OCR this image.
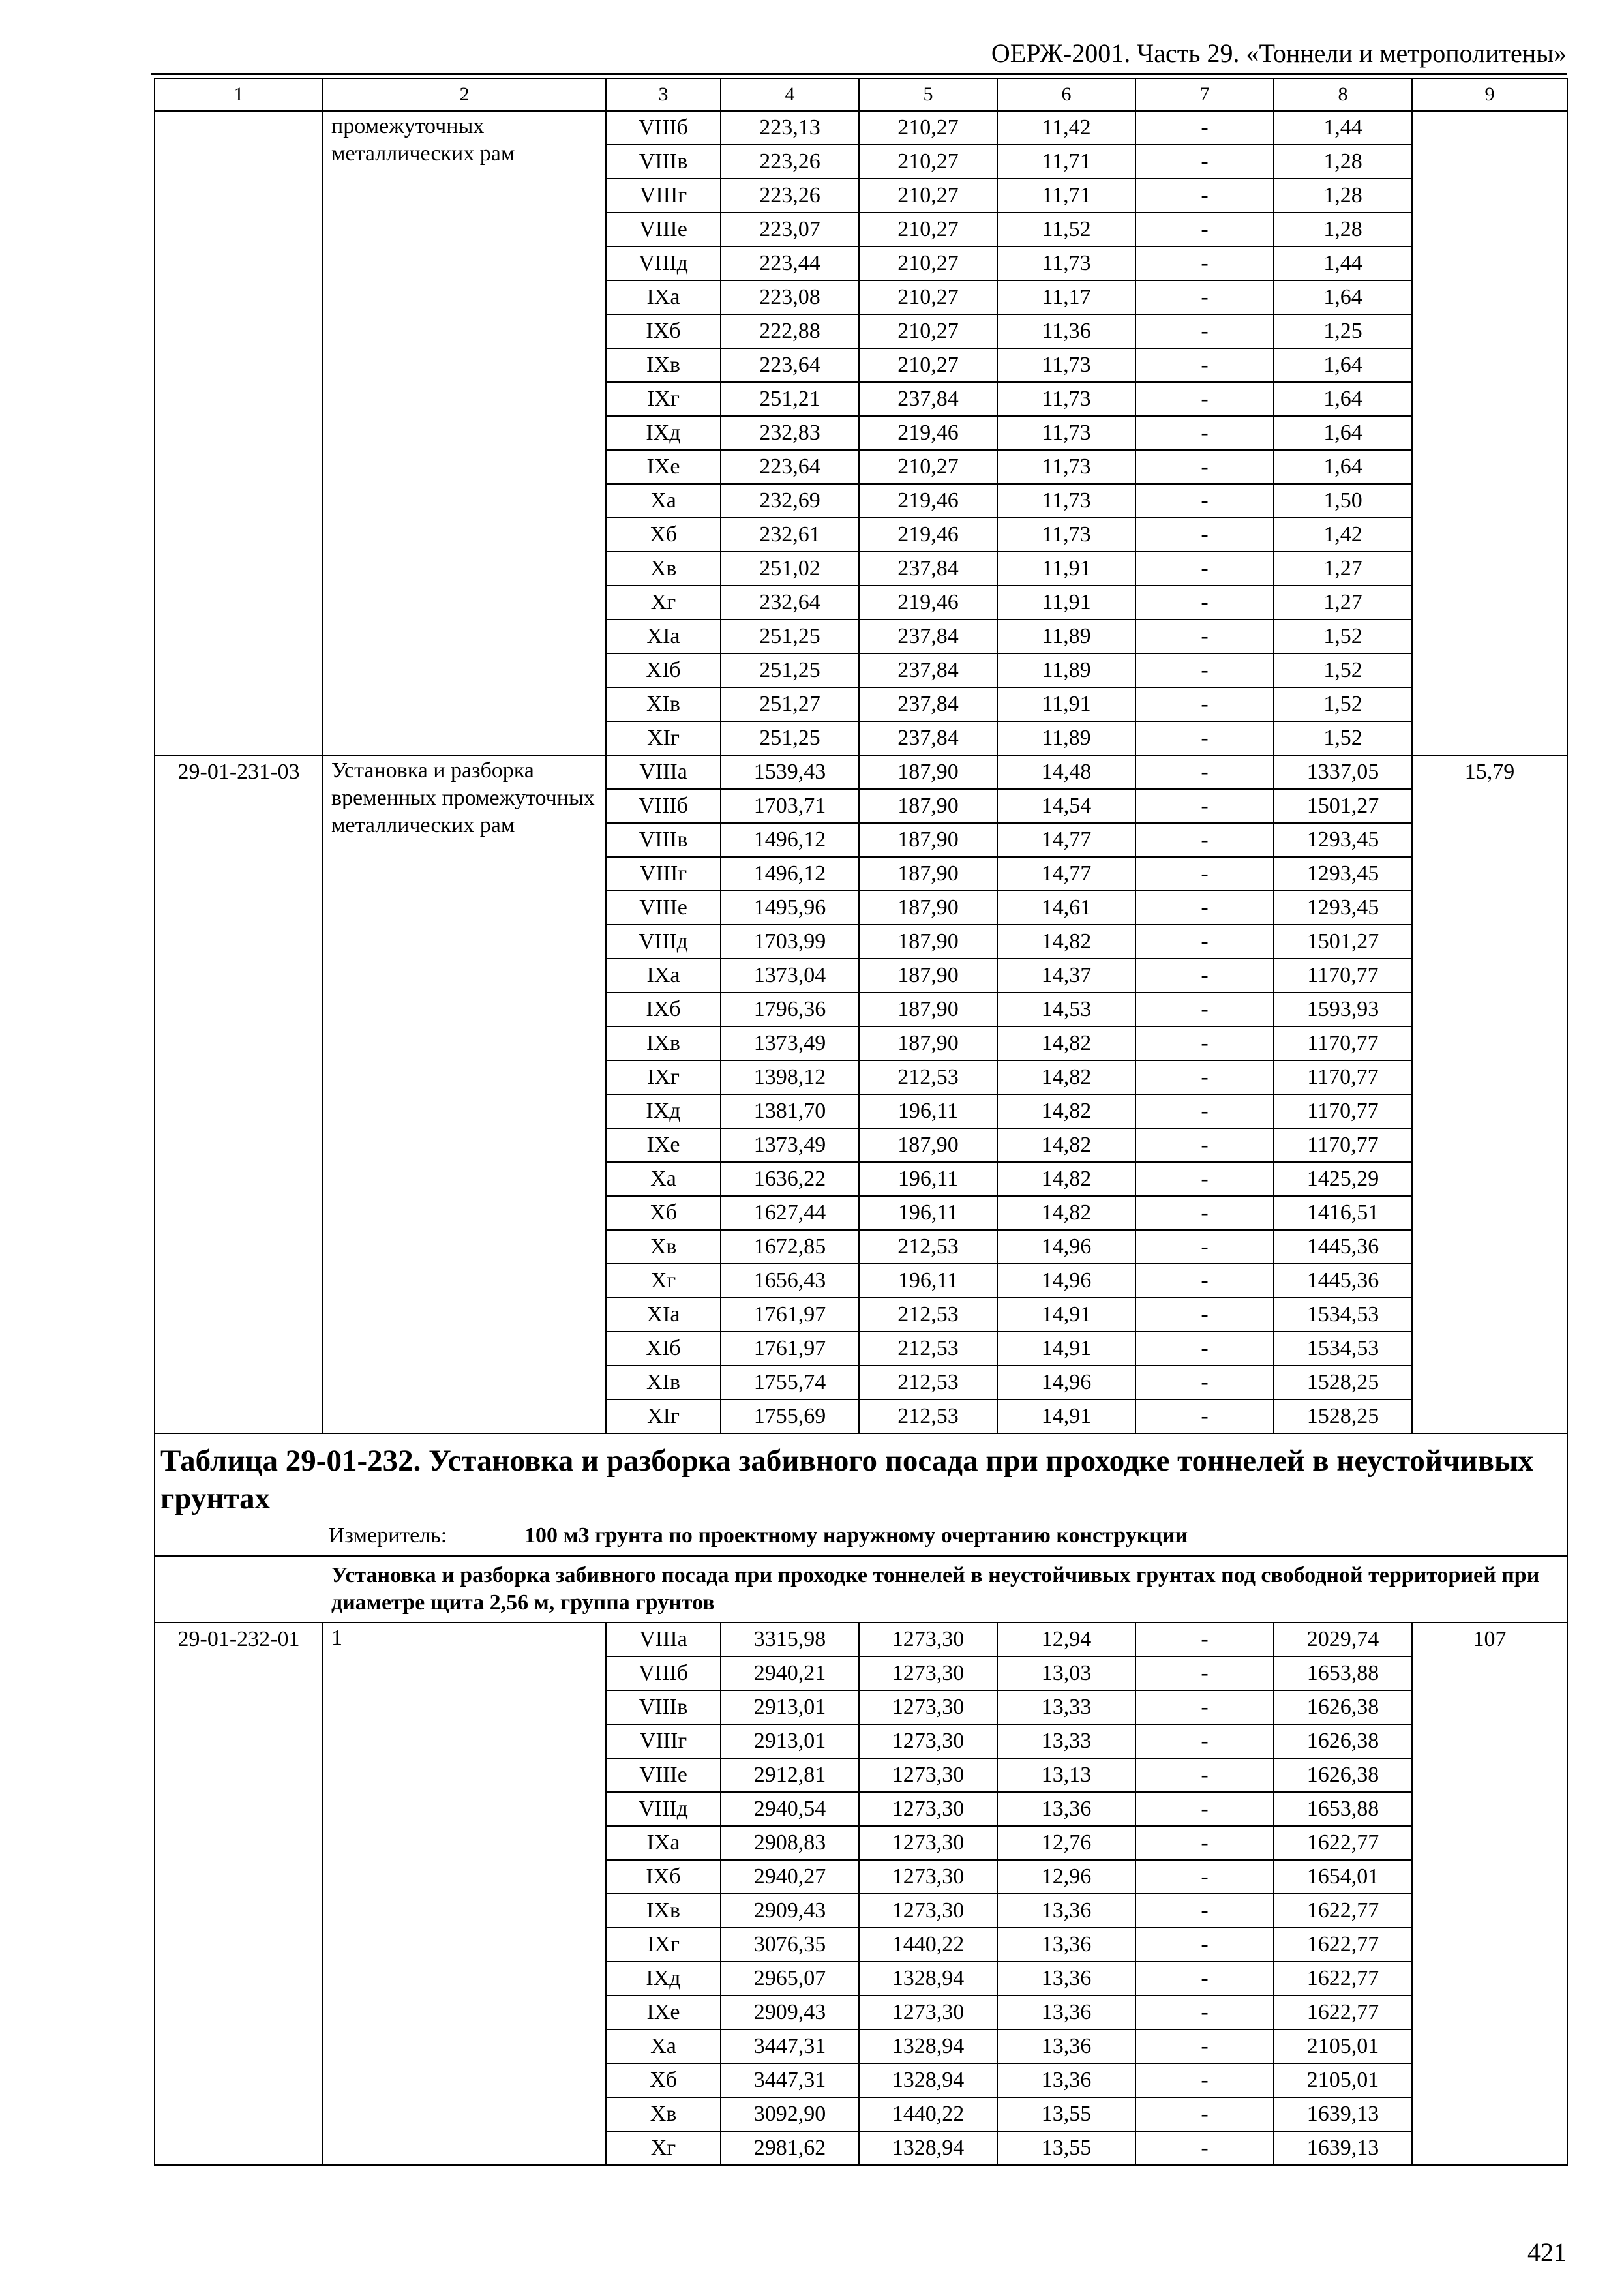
ОЕРЖ-2001. Часть 29. «Тоннели и метрополитены»
1	2	3	4	5	6	7	8	9
	промежуточных металлических рам	VIIIб	223,13	210,27	11,42	-	1,44	
		VIIIв	223,26	210,27	11,71	-	1,28	
		VIIIг	223,26	210,27	11,71	-	1,28	
		VIIIе	223,07	210,27	11,52	-	1,28	
		VIIIд	223,44	210,27	11,73	-	1,44	
		IXа	223,08	210,27	11,17	-	1,64	
		IXб	222,88	210,27	11,36	-	1,25	
		IXв	223,64	210,27	11,73	-	1,64	
		IXг	251,21	237,84	11,73	-	1,64	
		IXд	232,83	219,46	11,73	-	1,64	
		IXе	223,64	210,27	11,73	-	1,64	
		Xа	232,69	219,46	11,73	-	1,50	
		Xб	232,61	219,46	11,73	-	1,42	
		Xв	251,02	237,84	11,91	-	1,27	
		Xг	232,64	219,46	11,91	-	1,27	
		XIа	251,25	237,84	11,89	-	1,52	
		XIб	251,25	237,84	11,89	-	1,52	
		XIв	251,27	237,84	11,91	-	1,52	
		XIг	251,25	237,84	11,89	-	1,52	
29-01-231-03	Установка и разборка временных промежуточных металлических рам	VIIIа	1539,43	187,90	14,48	-	1337,05	15,79
		VIIIб	1703,71	187,90	14,54	-	1501,27	
		VIIIв	1496,12	187,90	14,77	-	1293,45	
		VIIIг	1496,12	187,90	14,77	-	1293,45	
		VIIIе	1495,96	187,90	14,61	-	1293,45	
		VIIIд	1703,99	187,90	14,82	-	1501,27	
		IXа	1373,04	187,90	14,37	-	1170,77	
		IXб	1796,36	187,90	14,53	-	1593,93	
		IXв	1373,49	187,90	14,82	-	1170,77	
		IXг	1398,12	212,53	14,82	-	1170,77	
		IXд	1381,70	196,11	14,82	-	1170,77	
		IXе	1373,49	187,90	14,82	-	1170,77	
		Xа	1636,22	196,11	14,82	-	1425,29	
		Xб	1627,44	196,11	14,82	-	1416,51	
		Xв	1672,85	212,53	14,96	-	1445,36	
		Xг	1656,43	196,11	14,96	-	1445,36	
		XIа	1761,97	212,53	14,91	-	1534,53	
		XIб	1761,97	212,53	14,91	-	1534,53	
		XIв	1755,74	212,53	14,96	-	1528,25	
		XIг	1755,69	212,53	14,91	-	1528,25	

Таблица 29-01-232. Установка и разборка забивного посада при проходке тоннелей в неустойчивых грунтах
Измеритель: 100 м3 грунта по проектному наружному очертанию конструкции								

Установка и разборка забивного посада при проходке тоннелей в неустойчивых грунтах под свободной территорией при диаметре щита 2,56 м, группа грунтов								
29-01-232-01	1	VIIIа	3315,98	1273,30	12,94	-	2029,74	107
		VIIIб	2940,21	1273,30	13,03	-	1653,88	
		VIIIв	2913,01	1273,30	13,33	-	1626,38	
		VIIIг	2913,01	1273,30	13,33	-	1626,38	
		VIIIе	2912,81	1273,30	13,13	-	1626,38	
		VIIIд	2940,54	1273,30	13,36	-	1653,88	
		IXа	2908,83	1273,30	12,76	-	1622,77	
		IXб	2940,27	1273,30	12,96	-	1654,01	
		IXв	2909,43	1273,30	13,36	-	1622,77	
		IXг	3076,35	1440,22	13,36	-	1622,77	
		IXд	2965,07	1328,94	13,36	-	1622,77	
		IXе	2909,43	1273,30	13,36	-	1622,77	
		Xа	3447,31	1328,94	13,36	-	2105,01	
		Xб	3447,31	1328,94	13,36	-	2105,01	
		Xв	3092,90	1440,22	13,55	-	1639,13	
		Xг	2981,62	1328,94	13,55	-	1639,13	
421
